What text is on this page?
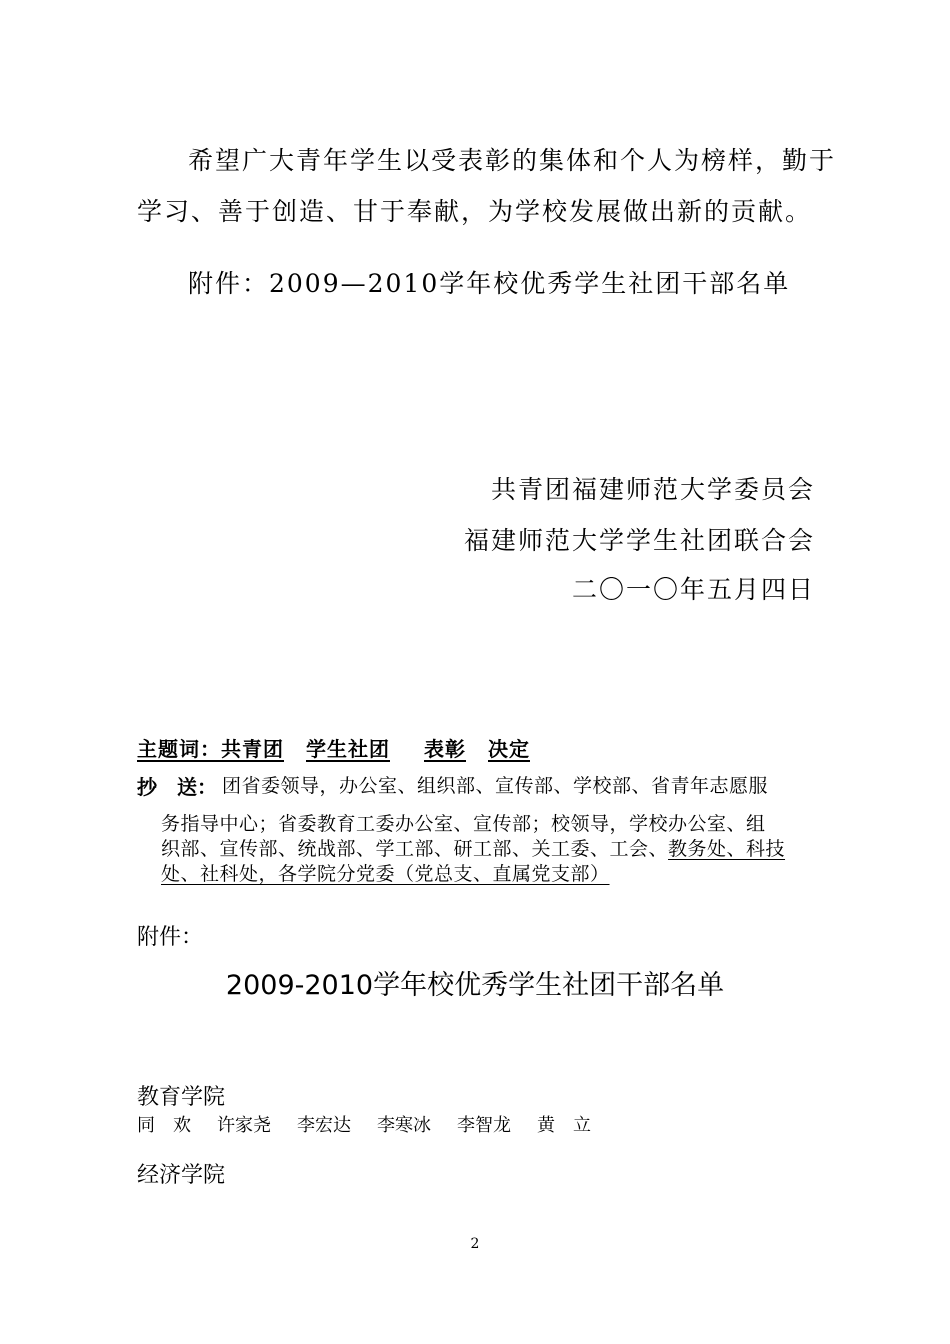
希望广大青年学生以受表彰的集体和个人为榜样，勤于
学习、善于创造、甘于奉献，为学校发展做出新的贡献。
附件：2009—2010学年校优秀学生社团干部名单
共青团福建师范大学委员会
福建师范大学学生社团联合会
二〇一〇年五月四日
主题词：共青团 学生社团 表彰 决定
抄　送： 团省委领导，办公室、组织部、宣传部、学校部、省青年志愿服
务指导中心；省委教育工委办公室、宣传部；校领导，学校办公室、组
织部、宣传部、统战部、学工部、研工部、关工委、工会、教务处、科技
处、社科处，各学院分党委（党总支、直属党支部）
附件：
2009-2010学年校优秀学生社团干部名单
教育学院
同　欢 许家尧 李宏达 李寒冰 李智龙 黄　立
经济学院
2
